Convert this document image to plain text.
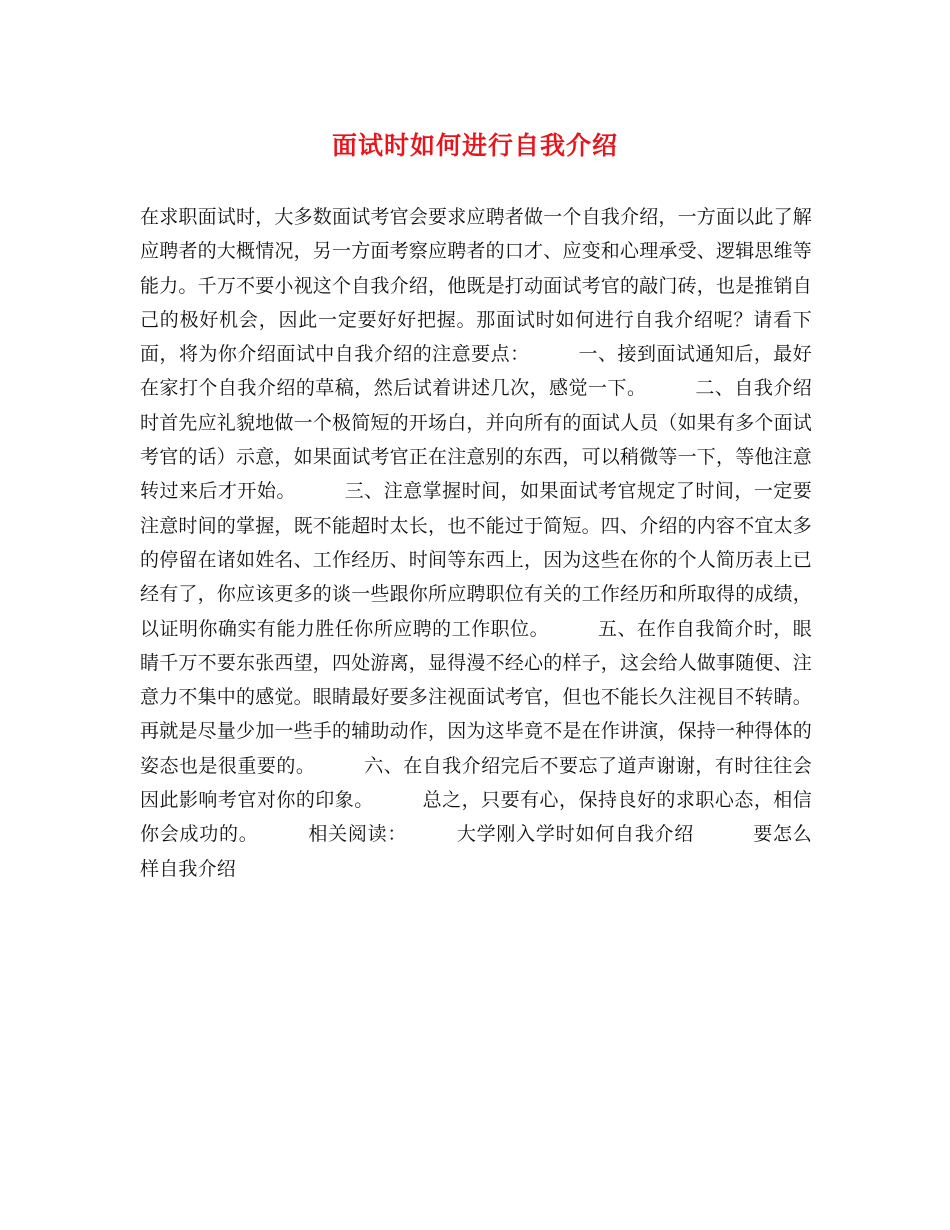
面试时如何进行自我介绍

在求职面试时，大多数面试考官会要求应聘者做一个自我介绍，一方面以此了解应聘者的大概情况，另一方面考察应聘者的口才、应变和心理承受、逻辑思维等能力。千万不要小视这个自我介绍，他既是打动面试考官的敲门砖，也是推销自己的极好机会，因此一定要好好把握。那面试时如何进行自我介绍呢？请看下面，将为你介绍面试中自我介绍的注意要点：　　　一、接到面试通知后，最好在家打个自我介绍的草稿，然后试着讲述几次，感觉一下。　　　二、自我介绍时首先应礼貌地做一个极简短的开场白，并向所有的面试人员（如果有多个面试考官的话）示意，如果面试考官正在注意别的东西，可以稍微等一下，等他注意转过来后才开始。　　　三、注意掌握时间，如果面试考官规定了时间，一定要注意时间的掌握，既不能超时太长，也不能过于简短。四、介绍的内容不宜太多的停留在诸如姓名、工作经历、时间等东西上，因为这些在你的个人简历表上已经有了，你应该更多的谈一些跟你所应聘职位有关的工作经历和所取得的成绩，以证明你确实有能力胜任你所应聘的工作职位。　　　五、在作自我简介时，眼睛千万不要东张西望，四处游离，显得漫不经心的样子，这会给人做事随便、注意力不集中的感觉。眼睛最好要多注视面试考官，但也不能长久注视目不转睛。再就是尽量少加一些手的辅助动作，因为这毕竟不是在作讲演，保持一种得体的姿态也是很重要的。　　　六、在自我介绍完后不要忘了道声谢谢，有时往往会因此影响考官对你的印象。　　　总之，只要有心，保持良好的求职心态，相信你会成功的。　　　相关阅读：　　　大学刚入学时如何自我介绍　　　要怎么样自我介绍
